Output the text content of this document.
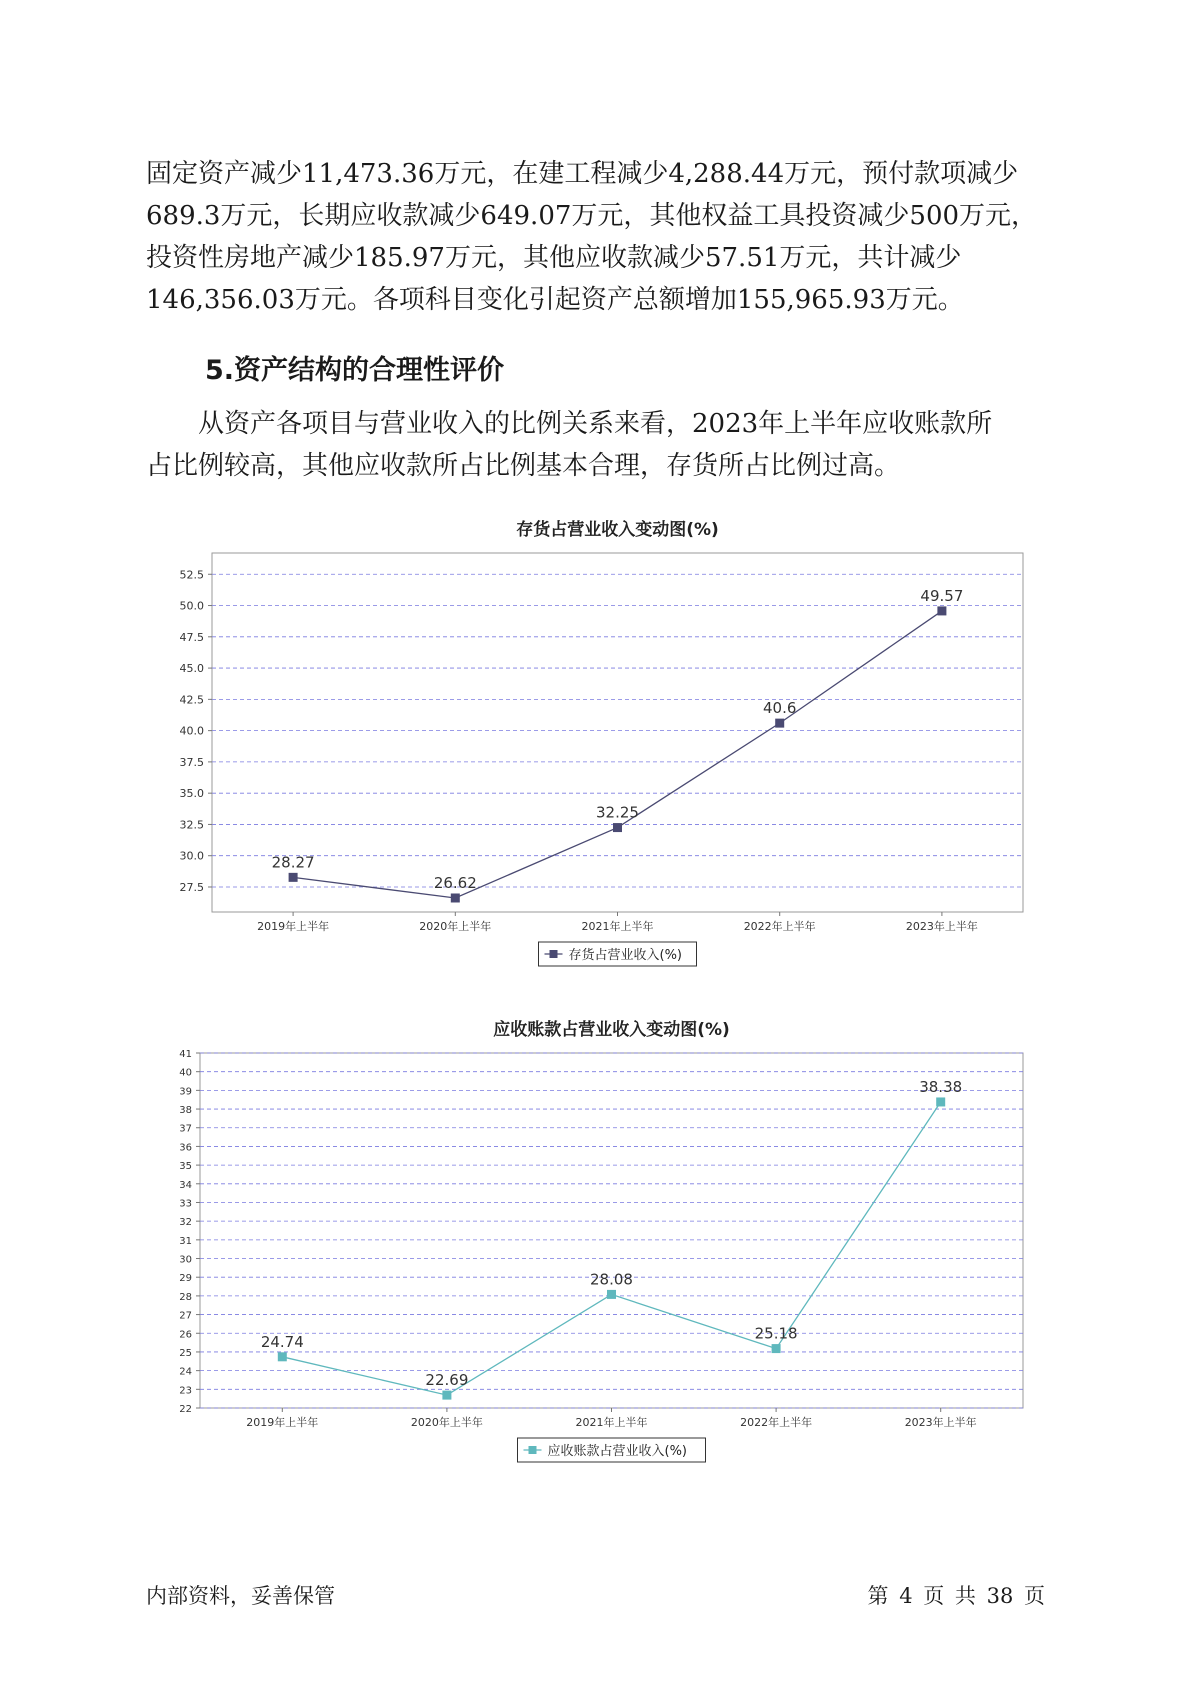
固定资产减少11,473.36万元，在建工程减少4,288.44万元，预付款项减少
689.3万元，长期应收款减少649.07万元，其他权益工具投资减少500万元，
投资性房地产减少185.97万元，其他应收款减少57.51万元，共计减少
146,356.03万元。各项科目变化引起资产总额增加155,965.93万元。

5.资产结构的合理性评价

从资产各项目与营业收入的比例关系来看，2023年上半年应收账款所
占比例较高，其他应收款所占比例基本合理，存货所占比例过高。

存货占营业收入变动图(%)
27.5
30.0
32.5
35.0
37.5
40.0
42.5
45.0
47.5
50.0
52.5
2019年上半年	2020年上半年	2021年上半年	2022年上半年	2023年上半年
28.27
26.62
32.25
40.6
49.57
存货占营业收入(%)
应收账款占营业收入变动图(%)
22
23
24
25
26
27
28
29
30
31
32
33
34
35
36
37
38
39
40
41
2019年上半年	2020年上半年	2021年上半年	2022年上半年	2023年上半年
24.74
22.69
28.08
25.18
38.38
应收账款占营业收入(%)
内部资料，妥善保管	第 4 页 共 38 页
